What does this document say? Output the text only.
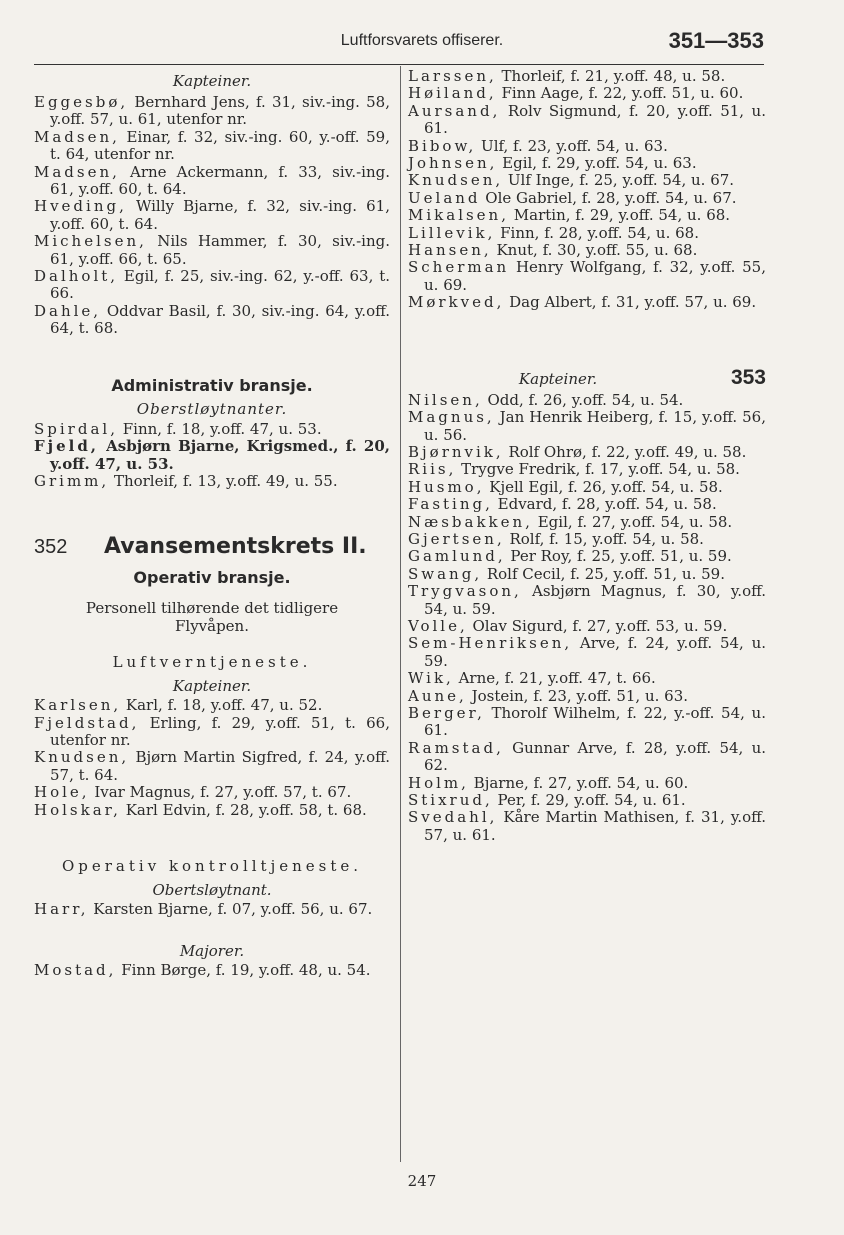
Luftforsvarets offiserer.	351—353
Kapteiner.
Eggesbø, Bernhard Jens, f. 31, siv.-ing. 58, y.off. 57, u. 61, utenfor nr.
Madsen, Einar, f. 32, siv.-ing. 60, y.-off. 59, t. 64, utenfor nr.
Madsen, Arne Ackermann, f. 33, siv.-ing. 61, y.off. 60, t. 64.
Hveding, Willy Bjarne, f. 32, siv.-ing. 61, y.off. 60, t. 64.
Michelsen, Nils Hammer, f. 30, siv.-ing. 61, y.off. 66, t. 65.
Dalholt, Egil, f. 25, siv.-ing. 62, y.-off. 63, t. 66.
Dahle, Oddvar Basil, f. 30, siv.-ing. 64, y.off. 64, t. 68.
Administrativ bransje.
Oberstløytnanter.
Spirdal, Finn, f. 18, y.off. 47, u. 53.
Fjeld, Asbjørn Bjarne, Krigsmed., f. 20, y.off. 47, u. 53.
Grimm, Thorleif, f. 13, y.off. 49, u. 55.
352 Avansementskrets II.
Operativ bransje.
Personell tilhørende det tidligere Flyvåpen.
Luftverntjeneste.
Kapteiner.
Karlsen, Karl, f. 18, y.off. 47, u. 52.
Fjeldstad, Erling, f. 29, y.off. 51, t. 66, utenfor nr.
Knudsen, Bjørn Martin Sigfred, f. 24, y.off. 57, t. 64.
Hole, Ivar Magnus, f. 27, y.off. 57, t. 67.
Holskar, Karl Edvin, f. 28, y.off. 58, t. 68.
Operativ kontrolltjeneste.
Obertsløytnant.
Harr, Karsten Bjarne, f. 07, y.off. 56, u. 67.
Majorer.
Mostad, Finn Børge, f. 19, y.off. 48, u. 54.
Larssen, Thorleif, f. 21, y.off. 48, u. 58.
Høiland, Finn Aage, f. 22, y.off. 51, u. 60.
Aursand, Rolv Sigmund, f. 20, y.off. 51, u. 61.
Bibow, Ulf, f. 23, y.off. 54, u. 63.
Johnsen, Egil, f. 29, y.off. 54, u. 63.
Knudsen, Ulf Inge, f. 25, y.off. 54, u. 67.
Ueland Ole Gabriel, f. 28, y.off. 54, u. 67.
Mikalsen, Martin, f. 29, y.off. 54, u. 68.
Lillevik, Finn, f. 28, y.off. 54, u. 68.
Hansen, Knut, f. 30, y.off. 55, u. 68.
Scherman Henry Wolfgang, f. 32, y.off. 55, u. 69.
Mørkved, Dag Albert, f. 31, y.off. 57, u. 69.
Kapteiner.	353
Nilsen, Odd, f. 26, y.off. 54, u. 54.
Magnus, Jan Henrik Heiberg, f. 15, y.off. 56, u. 56.
Bjørnvik, Rolf Ohrø, f. 22, y.off. 49, u. 58.
Riis, Trygve Fredrik, f. 17, y.off. 54, u. 58.
Husmo, Kjell Egil, f. 26, y.off. 54, u. 58.
Fasting, Edvard, f. 28, y.off. 54, u. 58.
Næsbakken, Egil, f. 27, y.off. 54, u. 58.
Gjertsen, Rolf, f. 15, y.off. 54, u. 58.
Gamlund, Per Roy, f. 25, y.off. 51, u. 59.
Swang, Rolf Cecil, f. 25, y.off. 51, u. 59.
Trygvason, Asbjørn Magnus, f. 30, y.off. 54, u. 59.
Volle, Olav Sigurd, f. 27, y.off. 53, u. 59.
Sem-Henriksen, Arve, f. 24, y.off. 54, u. 59.
Wik, Arne, f. 21, y.off. 47, t. 66.
Aune, Jostein, f. 23, y.off. 51, u. 63.
Berger, Thorolf Wilhelm, f. 22, y.-off. 54, u. 61.
Ramstad, Gunnar Arve, f. 28, y.off. 54, u. 62.
Holm, Bjarne, f. 27, y.off. 54, u. 60.
Stixrud, Per, f. 29, y.off. 54, u. 61.
Svedahl, Kåre Martin Mathisen, f. 31, y.off. 57, u. 61.
247
